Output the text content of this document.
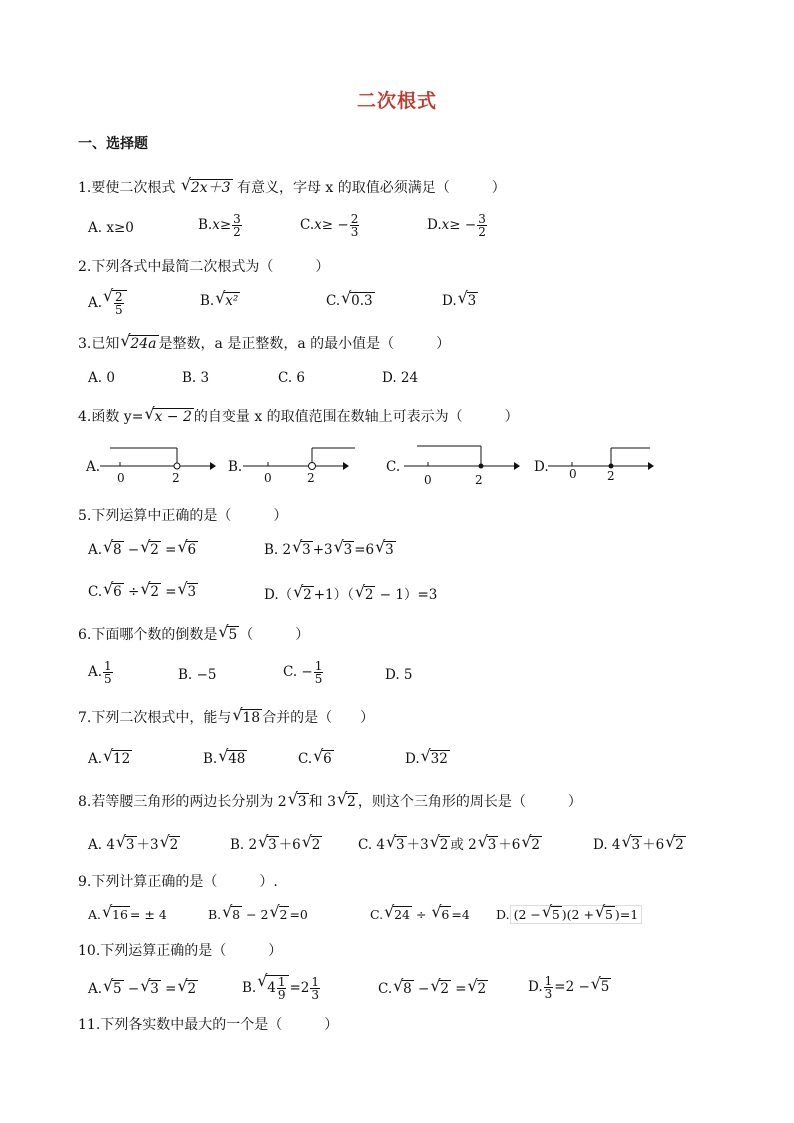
二次根式
一、选择题
1.要使二次根式 √ 2x＋3 有意义，字母 x 的取值必须满足（　　　）
A. x≥0	$B.x\ge \frac{3}{2}$	$C.x\ge - \frac{2}{3}$	$D.x\ge - \frac{3}{2}$
2.下列各式中最简二次根式为（　　　）
A. √ $\frac{2}{5}$	B. √ x²	C. √ 0.3	D. √ 3
3.已知 √ 24a 是整数，a 是正整数，a 的最小值是（　　　）
A. 0	B. 3	C. 6	D. 24
4.函数 y= √ x − 2 的自变量 x 的取值范围在数轴上可表示为（　　　）
A.
0	2
B.
0	2
C.
0	2
D. 0	2
5.下列运算中正确的是（　　　）
A. √ 8 − √ 2 = √ 6	B. 2 √ 3 +3 √ 3 =6 √ 3
C. √ 6 ÷ √ 2 = √ 3	D.（ √ 2 +1）（ √ 2 − 1）=3
6.下面哪个数的倒数是 √ 5 （　　　）
A. $\frac{1}{5}$	B. −5	C. − $\frac{1}{5}$	D. 5
7.下列二次根式中，能与 √ 18 合并的是（　　）
A. √ 12	B. √ 48	C. √ 6	D. √ 32
8.若等腰三角形的两边长分别为 2 √ 3 和 3 √ 2 ，则这个三角形的周长是（　　　）
A. 4 √ 3 ＋3 √ 2	B. 2 √ 3 ＋6 √ 2	C. 4 √ 3 ＋3 √ 2 或 2 √ 3 ＋6 √ 2	D. 4 √ 3 ＋6 √ 2
9.下列计算正确的是（　　　）.
A. √ 16 = ± 4	B. √ 8 − 2 √ 2 =0	C. √ 24 ÷ √ 6 =4 D. (2 − √ 5 )(2 + √ 5 )=1
10.下列运算正确的是（　　　）
A. √ 5 − √ 3 = √ 2	B. √ $4 \frac{1}{9} =2 \frac{1}{3}$	C. √ 8 − √ 2 = √ 2	D. $\frac{1}{3} =2$ − √ 5
11.下列各实数中最大的一个是（　　　）
